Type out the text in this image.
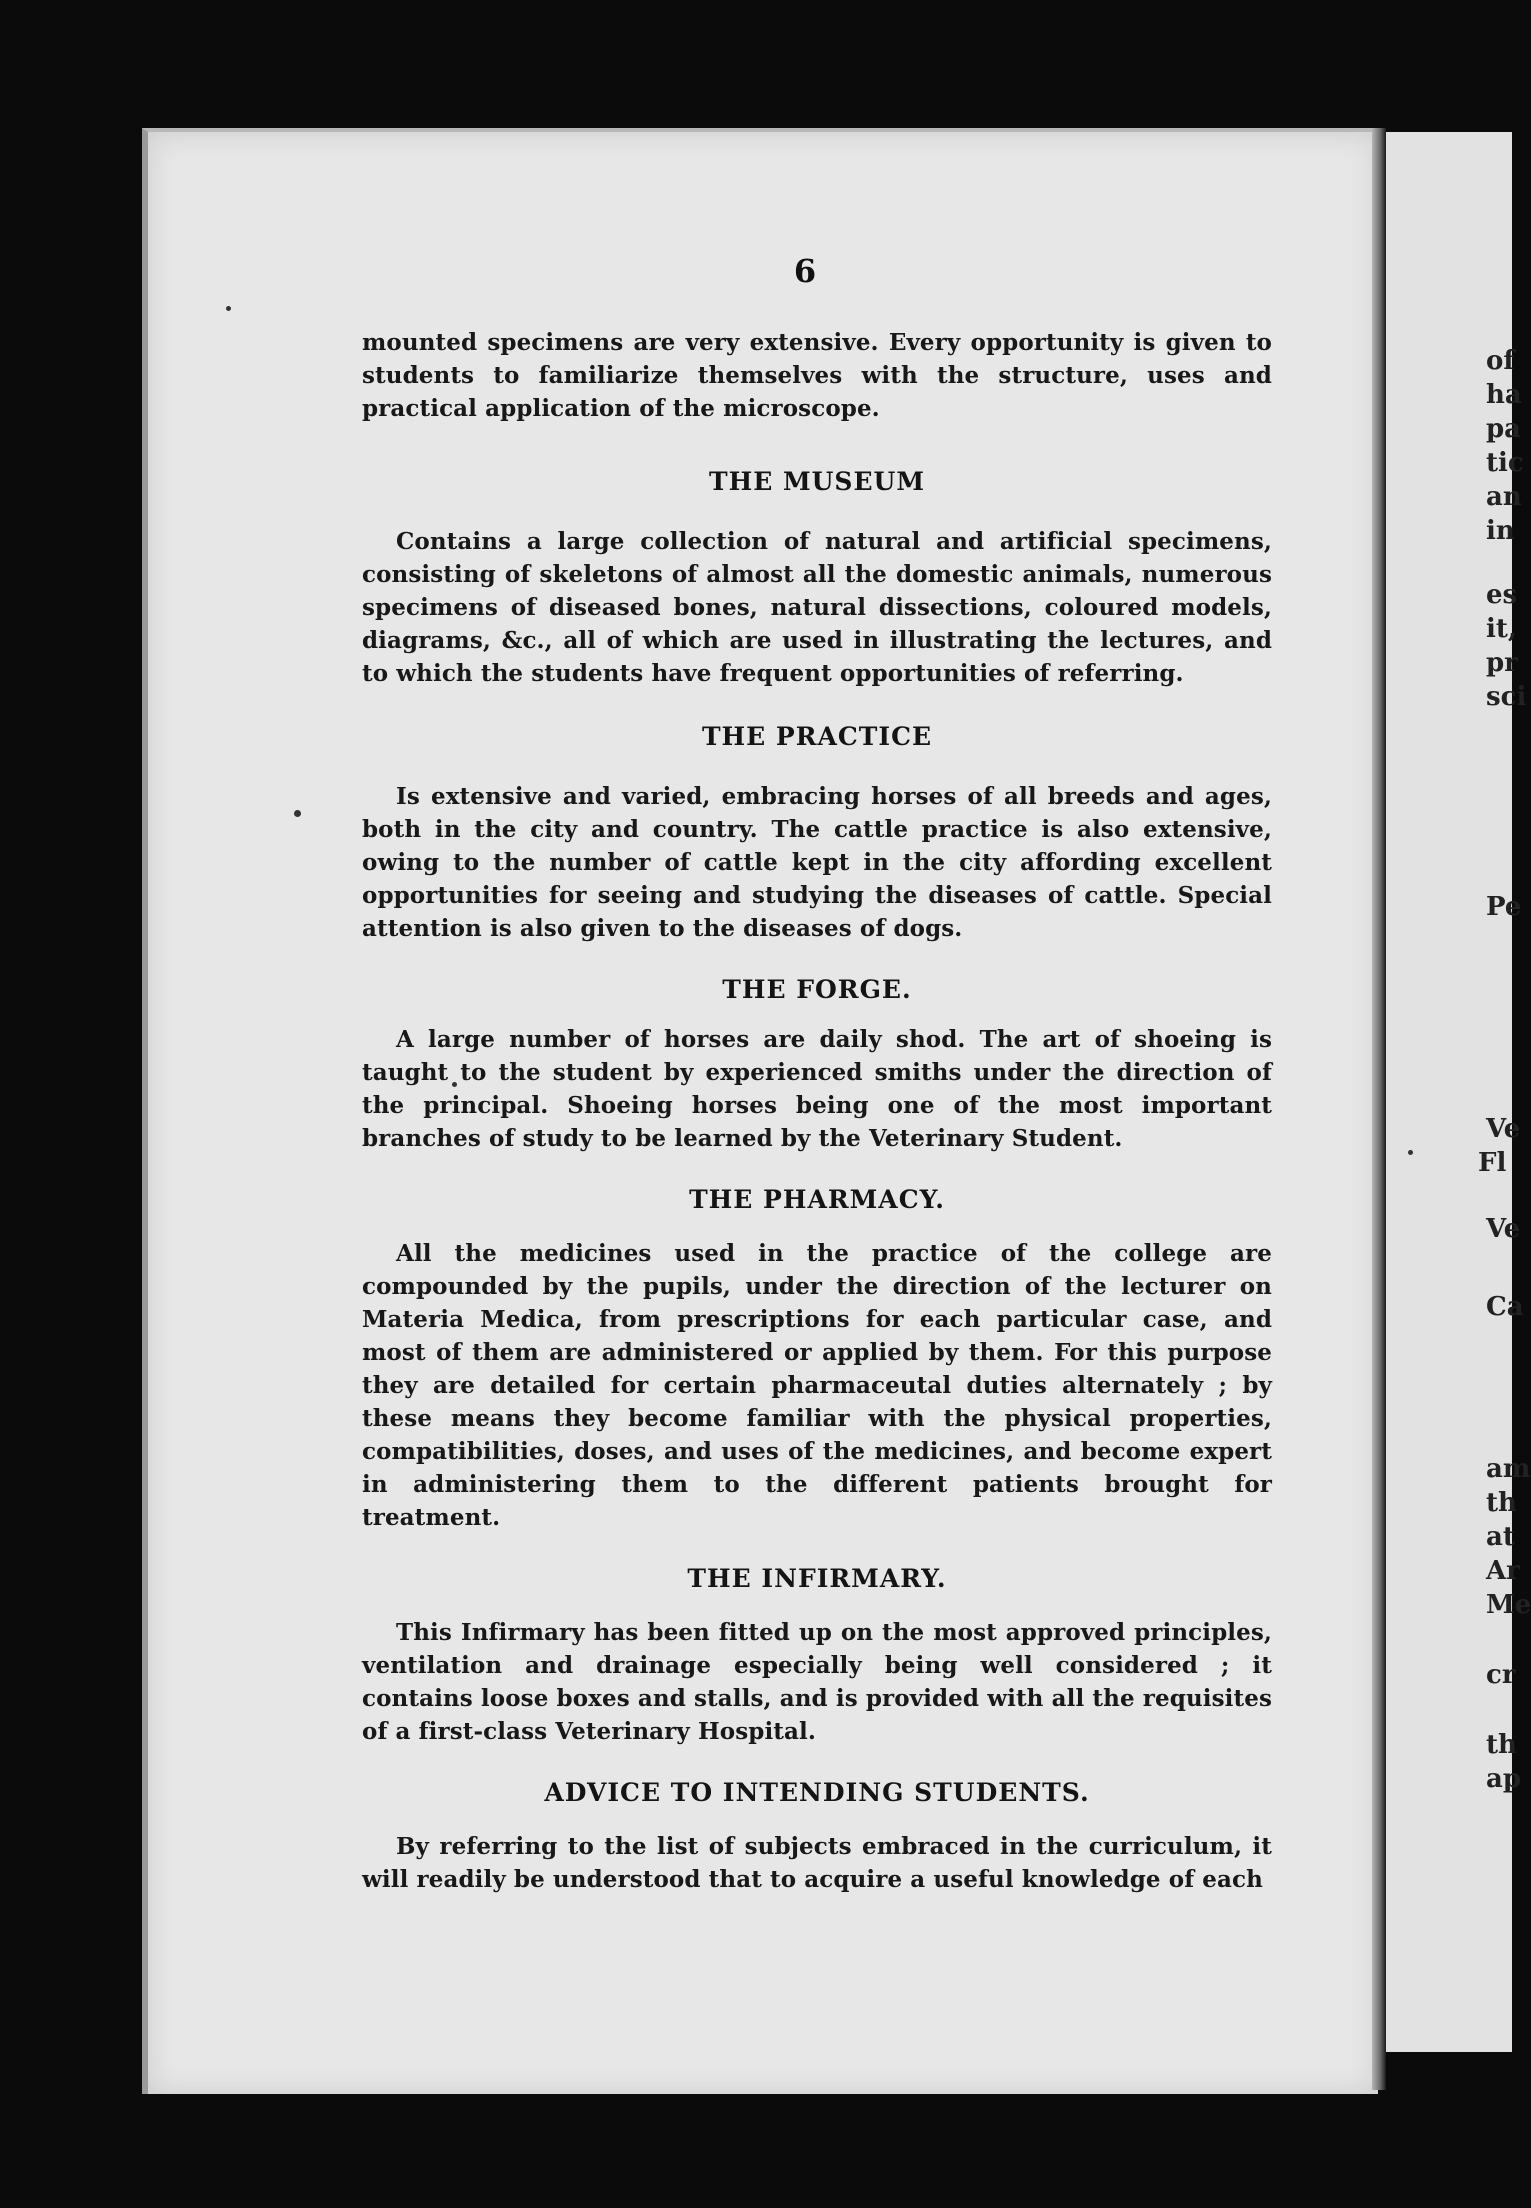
of
ha
pa
tic
an
in
es
it,
pr
sci
Pe
Ve
Fl
Ve
Ca
am
th
at
Ar
Me
cr
th
ap
6

mounted specimens are very extensive. Every opportunity is given to students to familiarize themselves with the structure, uses and practical application of the microscope.

THE MUSEUM

Contains a large collection of natural and artificial specimens, consisting of skeletons of almost all the domestic animals, numerous specimens of diseased bones, natural dissections, coloured models, diagrams, &c., all of which are used in illustrating the lectures, and to which the students have frequent opportunities of referring.

THE PRACTICE

Is extensive and varied, embracing horses of all breeds and ages, both in the city and country. The cattle practice is also extensive, owing to the number of cattle kept in the city affording excellent opportunities for seeing and studying the diseases of cattle. Special attention is also given to the diseases of dogs.

THE FORGE.

A large number of horses are daily shod. The art of shoeing is taught to the student by experienced smiths under the direction of the principal. Shoeing horses being one of the most important branches of study to be learned by the Veterinary Student.

THE PHARMACY.

All the medicines used in the practice of the college are compounded by the pupils, under the direction of the lecturer on Materia Medica, from prescriptions for each particular case, and most of them are administered or applied by them. For this purpose they are detailed for certain pharmaceutal duties alternately ; by these means they become familiar with the physical properties, compatibilities, doses, and uses of the medicines, and become expert in administering them to the different patients brought for treatment.

THE INFIRMARY.

This Infirmary has been fitted up on the most approved principles, ventilation and drainage especially being well considered ; it contains loose boxes and stalls, and is provided with all the requisites of a first-class Veterinary Hospital.

ADVICE TO INTENDING STUDENTS.

By referring to the list of subjects embraced in the curriculum, it will readily be understood that to acquire a useful knowledge of each
